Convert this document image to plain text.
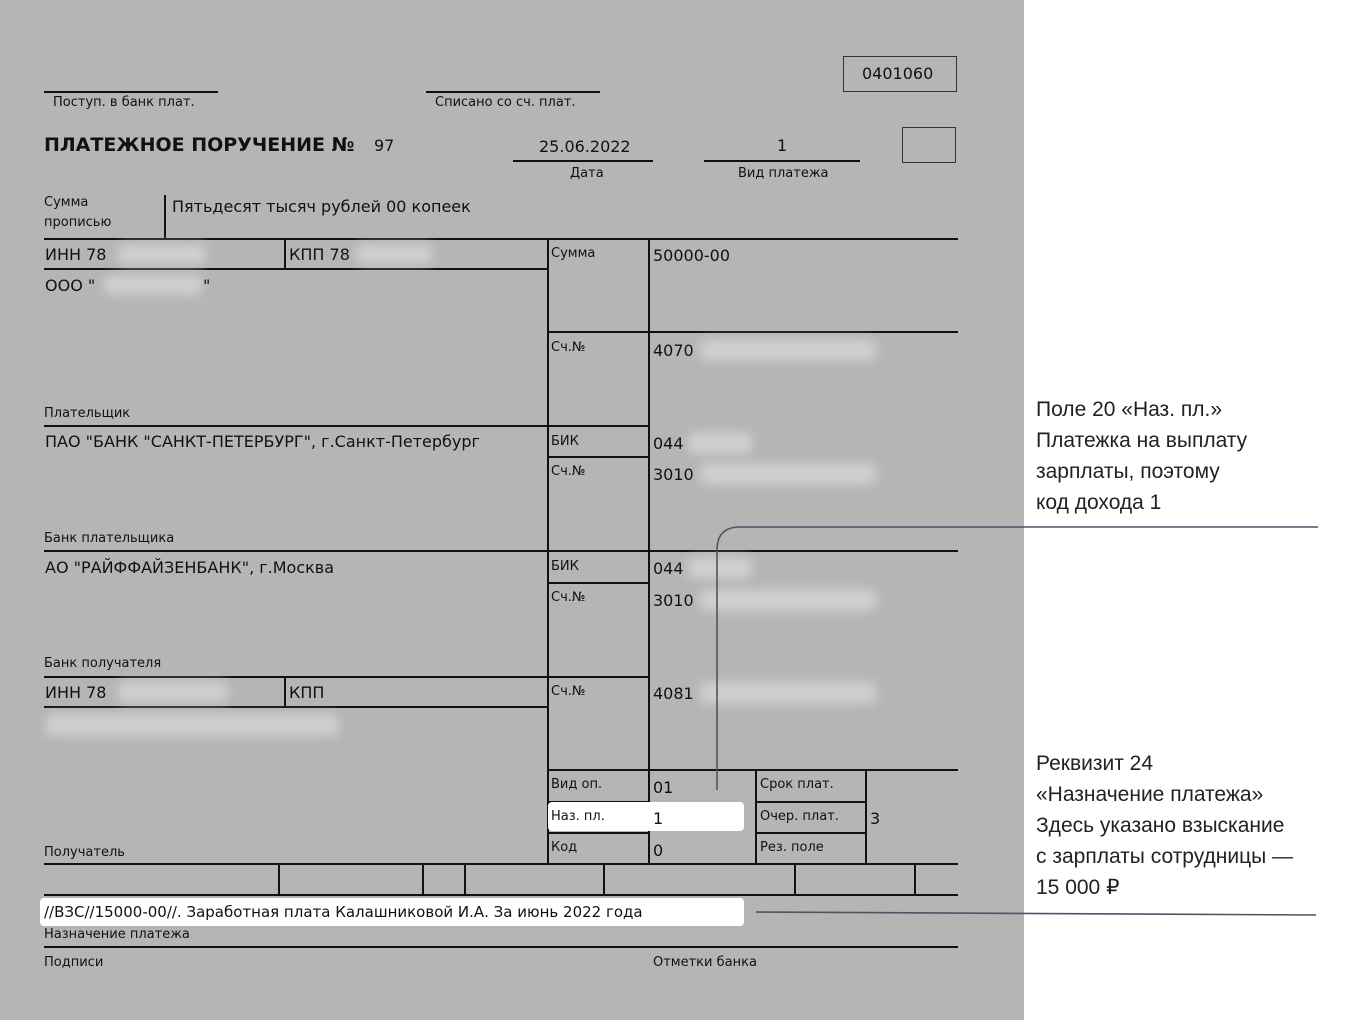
0401060
Поступ. в банк плат.	Списано со сч. плат.
ПЛАТЕЖНОЕ ПОРУЧЕНИЕ № 97	25.06.2022
Дата
1
Вид платежа
Сумма
прописью
Пятьдесят тысяч рублей 00 копеек
ИНН 78	КПП 78
ООО "	"
Плательщик
Сумма	50000-00
Сч.№	4070
ПАО "БАНК "САНКТ-ПЕТЕРБУРГ", г.Санкт-Петербург
Банк плательщика
БИК	044
Сч.№	3010
АО "РАЙФФАЙЗЕНБАНК", г.Москва
Банк получателя
БИК	044
Сч.№	3010
ИНН 78	КПП	Сч.№	4081
Получатель
Вид оп.	01
Наз. пл.	1
Код	0
Срок плат.
Очер. плат. 3
Рез. поле
//ВЗС//15000-00//. Заработная плата Калашниковой И.А. За июнь 2022 года
Назначение платежа
Подписи	Отметки банка
Поле 20 «Наз. пл.»
Платежка на выплату
зарплаты, поэтому
код дохода 1
Реквизит 24
«Назначение платежа»
Здесь указано взыскание
с зарплаты сотрудницы —
15 000 ₽
